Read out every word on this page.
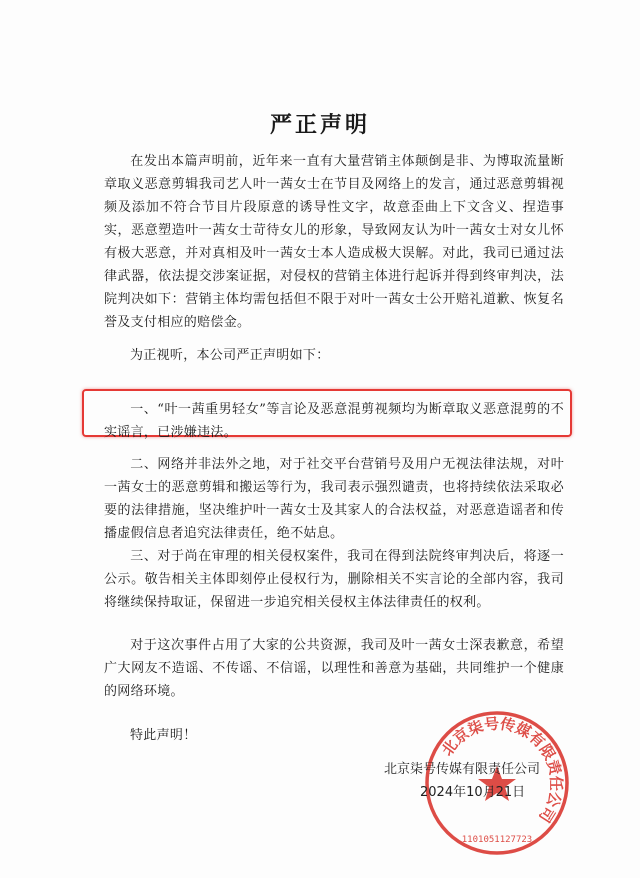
严正声明
在发出本篇声明前，近年来一直有大量营销主体颠倒是非、为博取流量断章取义恶意剪辑我司艺人叶一茜女士在节目及网络上的发言，通过恶意剪辑视频及添加不符合节目片段原意的诱导性文字，故意歪曲上下文含义、捏造事实，恶意塑造叶一茜女士苛待女儿的形象，导致网友认为叶一茜女士对女儿怀有极大恶意，并对真相及叶一茜女士本人造成极大误解。对此，我司已通过法律武器，依法提交涉案证据，对侵权的营销主体进行起诉并得到终审判决，法院判决如下：营销主体均需包括但不限于对叶一茜女士公开赔礼道歉、恢复名誉及支付相应的赔偿金。
为正视听，本公司严正声明如下：
一、“叶一茜重男轻女”等言论及恶意混剪视频均为断章取义恶意混剪的不实谣言，已涉嫌违法。
二、网络并非法外之地，对于社交平台营销号及用户无视法律法规，对叶一茜女士的恶意剪辑和搬运等行为，我司表示强烈谴责，也将持续依法采取必要的法律措施，坚决维护叶一茜女士及其家人的合法权益，对恶意造谣者和传播虚假信息者追究法律责任，绝不姑息。
三、对于尚在审理的相关侵权案件，我司在得到法院终审判决后，将逐一公示。敬告相关主体即刻停止侵权行为，删除相关不实言论的全部内容，我司将继续保持取证，保留进一步追究相关侵权主体法律责任的权利。
对于这次事件占用了大家的公共资源，我司及叶一茜女士深表歉意，希望广大网友不造谣、不传谣、不信谣，以理性和善意为基础，共同维护一个健康的网络环境。
特此声明！
北京柒号传媒有限责任公司
1101051127723
北京柒号传媒有限责任公司
2024年10月21日
